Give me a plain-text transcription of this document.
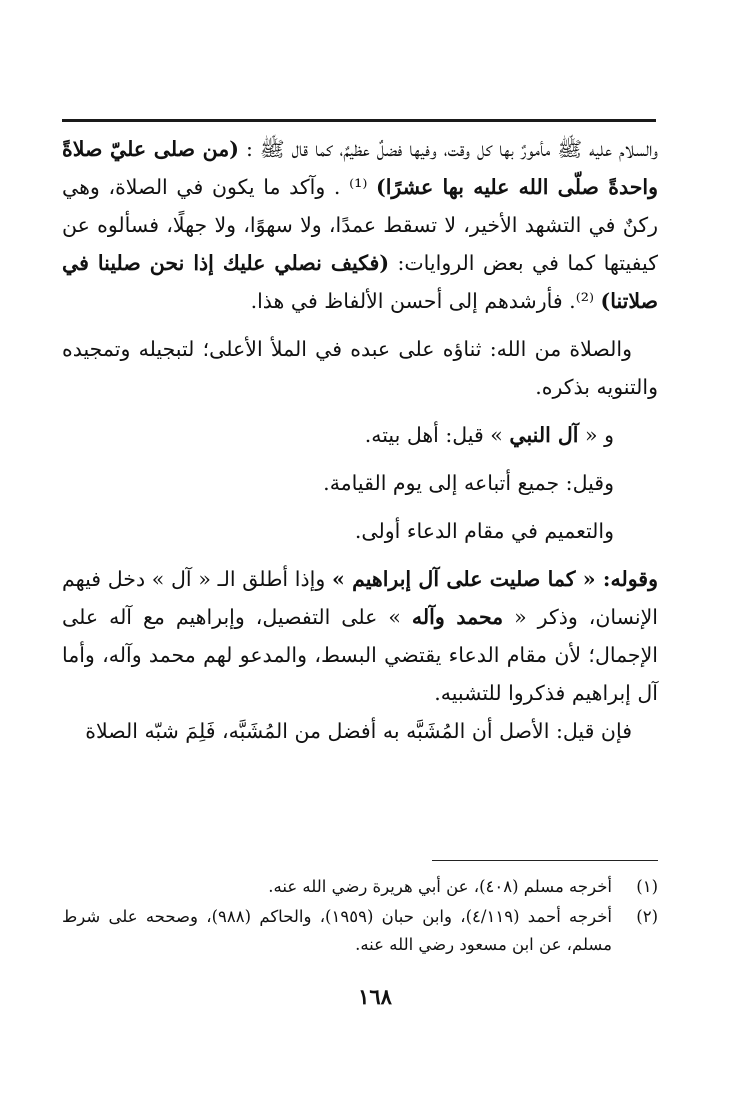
والسلام عليه ﷺ مأمورٌ بها كل وقت، وفيها فضلٌ عظيمٌ، كما قال ﷺ : (من صلى عليّ صلاةً واحدةً صلّى الله عليه بها عشرًا) ⁽¹⁾ . وآكد ما يكون في الصلاة، وهي ركنٌ في التشهد الأخير، لا تسقط عمدًا، ولا سهوًا، ولا جهلًا، فسألوه عن كيفيتها كما في بعض الروايات: (فكيف نصلي عليك إذا نحن صلينا في صلاتنا) ⁽²⁾. فأرشدهم إلى أحسن الألفاظ في هذا.

والصلاة من الله: ثناؤه على عبده في الملأ الأعلى؛ لتبجيله وتمجيده والتنويه بذكره.

و « آل النبي » قيل: أهل بيته.

وقيل: جميع أتباعه إلى يوم القيامة.

والتعميم في مقام الدعاء أولى.

وقوله: « كما صليت على آل إبراهيم » وإذا أطلق الـ « آل » دخل فيهم الإنسان، وذكر « محمد وآله » على التفصيل، وإبراهيم مع آله على الإجمال؛ لأن مقام الدعاء يقتضي البسط، والمدعو لهم محمد وآله، وأما آل إبراهيم فذكروا للتشبيه.

فإن قيل: الأصل أن المُشَبَّه به أفضل من المُشَبَّه، فَلِمَ شبّه الصلاة

(١)
أخرجه مسلم (٤٠٨)، عن أبي هريرة رضي الله عنه.
(٢)
أخرجه أحمد (٤/١١٩)، وابن حبان (١٩٥٩)، والحاكم (٩٨٨)، وصححه على شرط مسلم، عن ابن مسعود رضي الله عنه.
١٦٨
